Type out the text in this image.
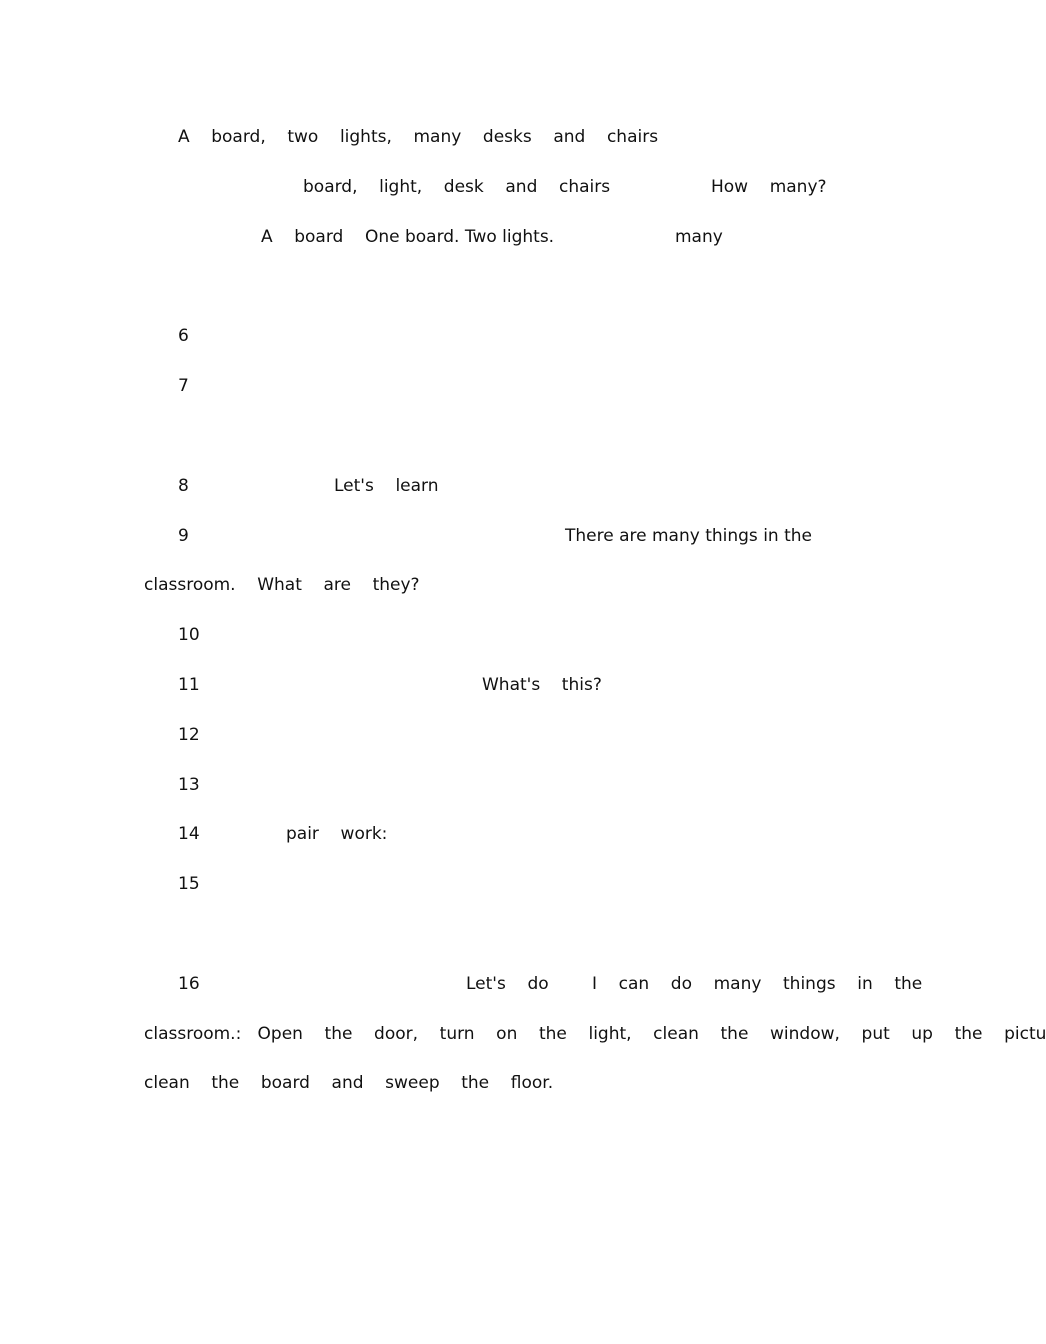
A    board,    two    lights,    many    desks    and    chairs
board,    light,    desk    and    chairs	How    many?
A    board    One board. Two lights.	many
6
7
8	Let's    learn
9	There are many things in the
classroom.    What    are    they?
10
11	What's    this?
12
13
14	pair    work:
15
16	Let's    do	I    can    do    many    things    in    the
classroom.:   Open    the    door,    turn    on    the    light,    clean    the    window,    put    up    the    pictu
clean    the    board    and    sweep    the    floor.
